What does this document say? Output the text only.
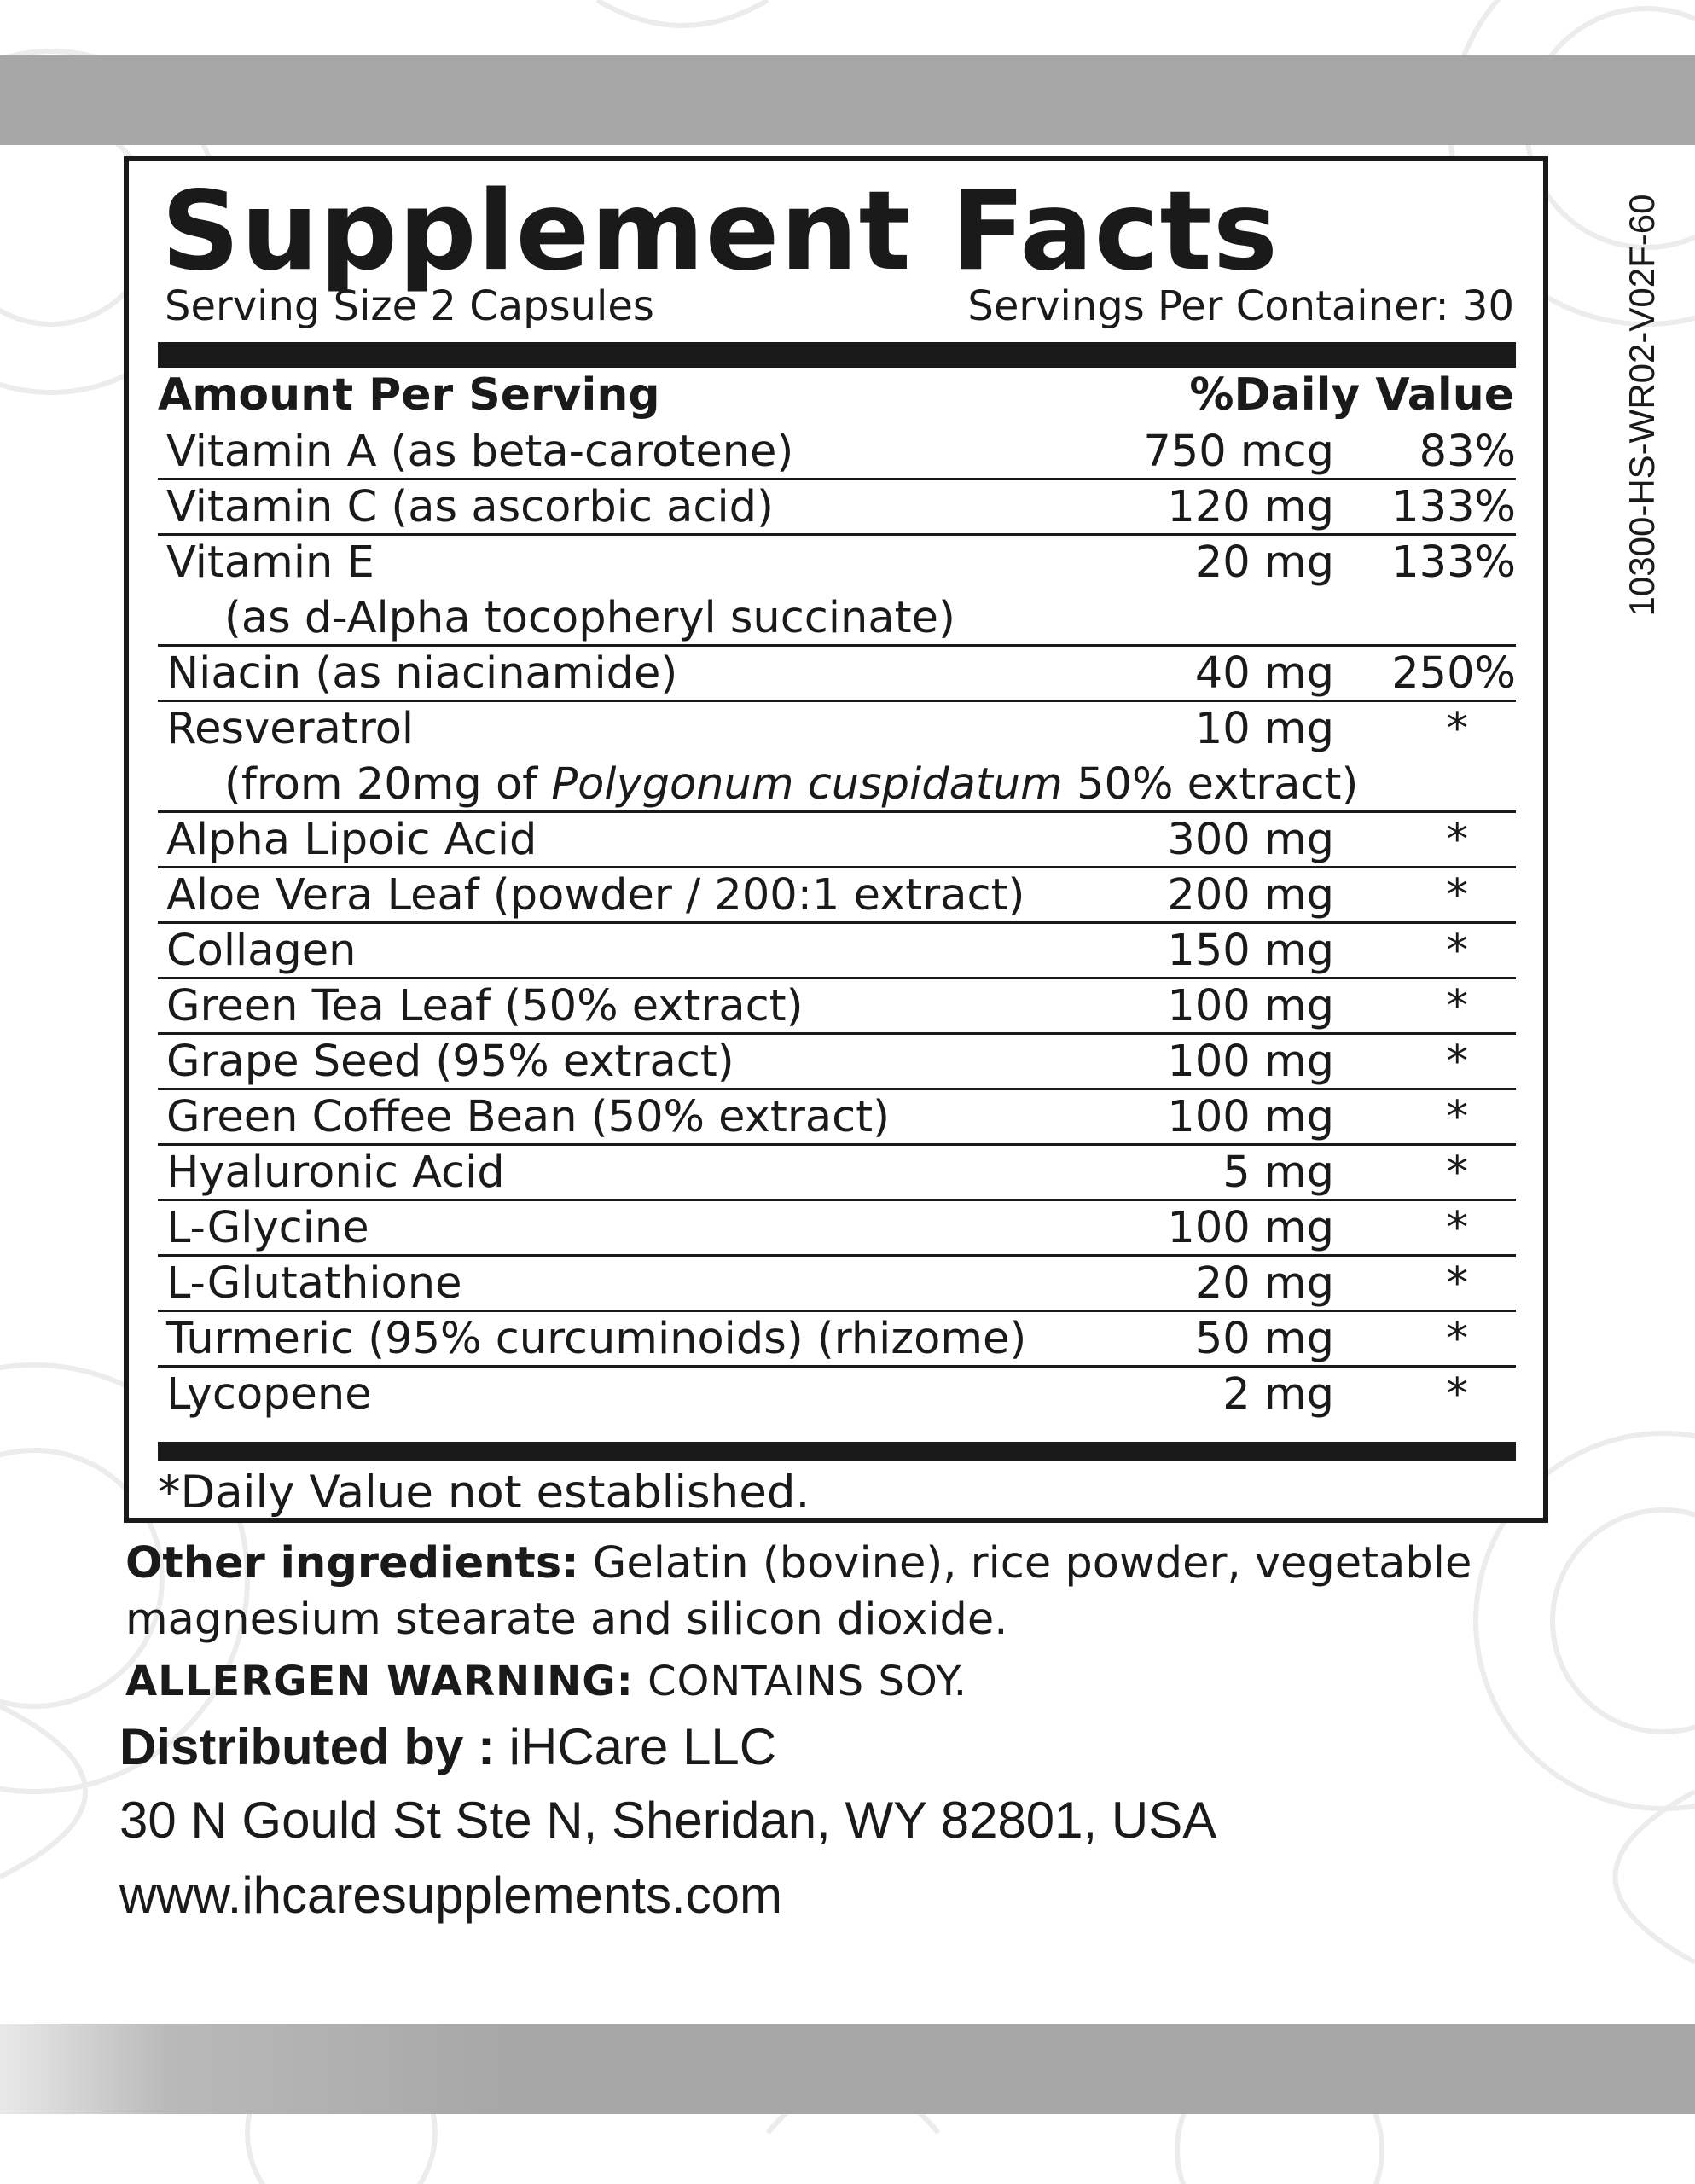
Supplement Facts
Serving Size 2 Capsules	Servings Per Container: 30
Amount Per Serving	%Daily Value
Vitamin A (as beta-carotene)	750 mcg 83%
Vitamin C (as ascorbic acid)	120 mg 133%
Vitamin E	20 mg 133%
(as d-Alpha tocopheryl succinate)
Niacin (as niacinamide)	40 mg 250%
Resveratrol	10 mg	*
(from 20mg of Polygonum cuspidatum 50% extract)
Alpha Lipoic Acid	300 mg	*
Aloe Vera Leaf (powder / 200:1 extract)	200 mg	*
Collagen	150 mg	*
Green Tea Leaf (50% extract)	100 mg	*
Grape Seed (95% extract)	100 mg	*
Green Coffee Bean (50% extract)	100 mg	*
Hyaluronic Acid	5 mg	*
L-Glycine	100 mg	*
L-Glutathione	20 mg	*
Turmeric (95% curcuminoids) (rhizome)	50 mg	*
Lycopene	2 mg	*
*Daily Value not established.
Other ingredients: Gelatin (bovine), rice powder, vegetable magnesium stearate and silicon dioxide.
ALLERGEN WARNING: CONTAINS SOY.
Distributed by : iHCare LLC
30 N Gould St Ste N, Sheridan, WY 82801, USA
www.ihcaresupplements.com
10300-HS-WR02-V02F-60
